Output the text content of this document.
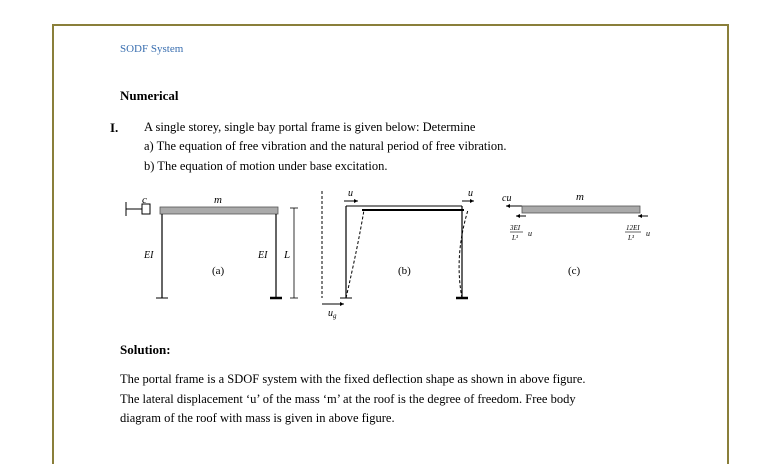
SODF System
Numerical
I. A single storey, single bay portal frame is given below: Determine
a) The equation of free vibration and the natural period of free vibration.
b) The equation of motion under base excitation.
c	m
EI	EI
(a)
L
u	u
(b)
$u_g$
cu	m
3EI
L³ u
12EI
L³ u
(c)
Solution:
The portal frame is a SDOF system with the fixed deflection shape as shown in above figure.
The lateral displacement ‘u’ of the mass ‘m’ at the roof is the degree of freedom. Free body
diagram of the roof with mass is given in above figure.
